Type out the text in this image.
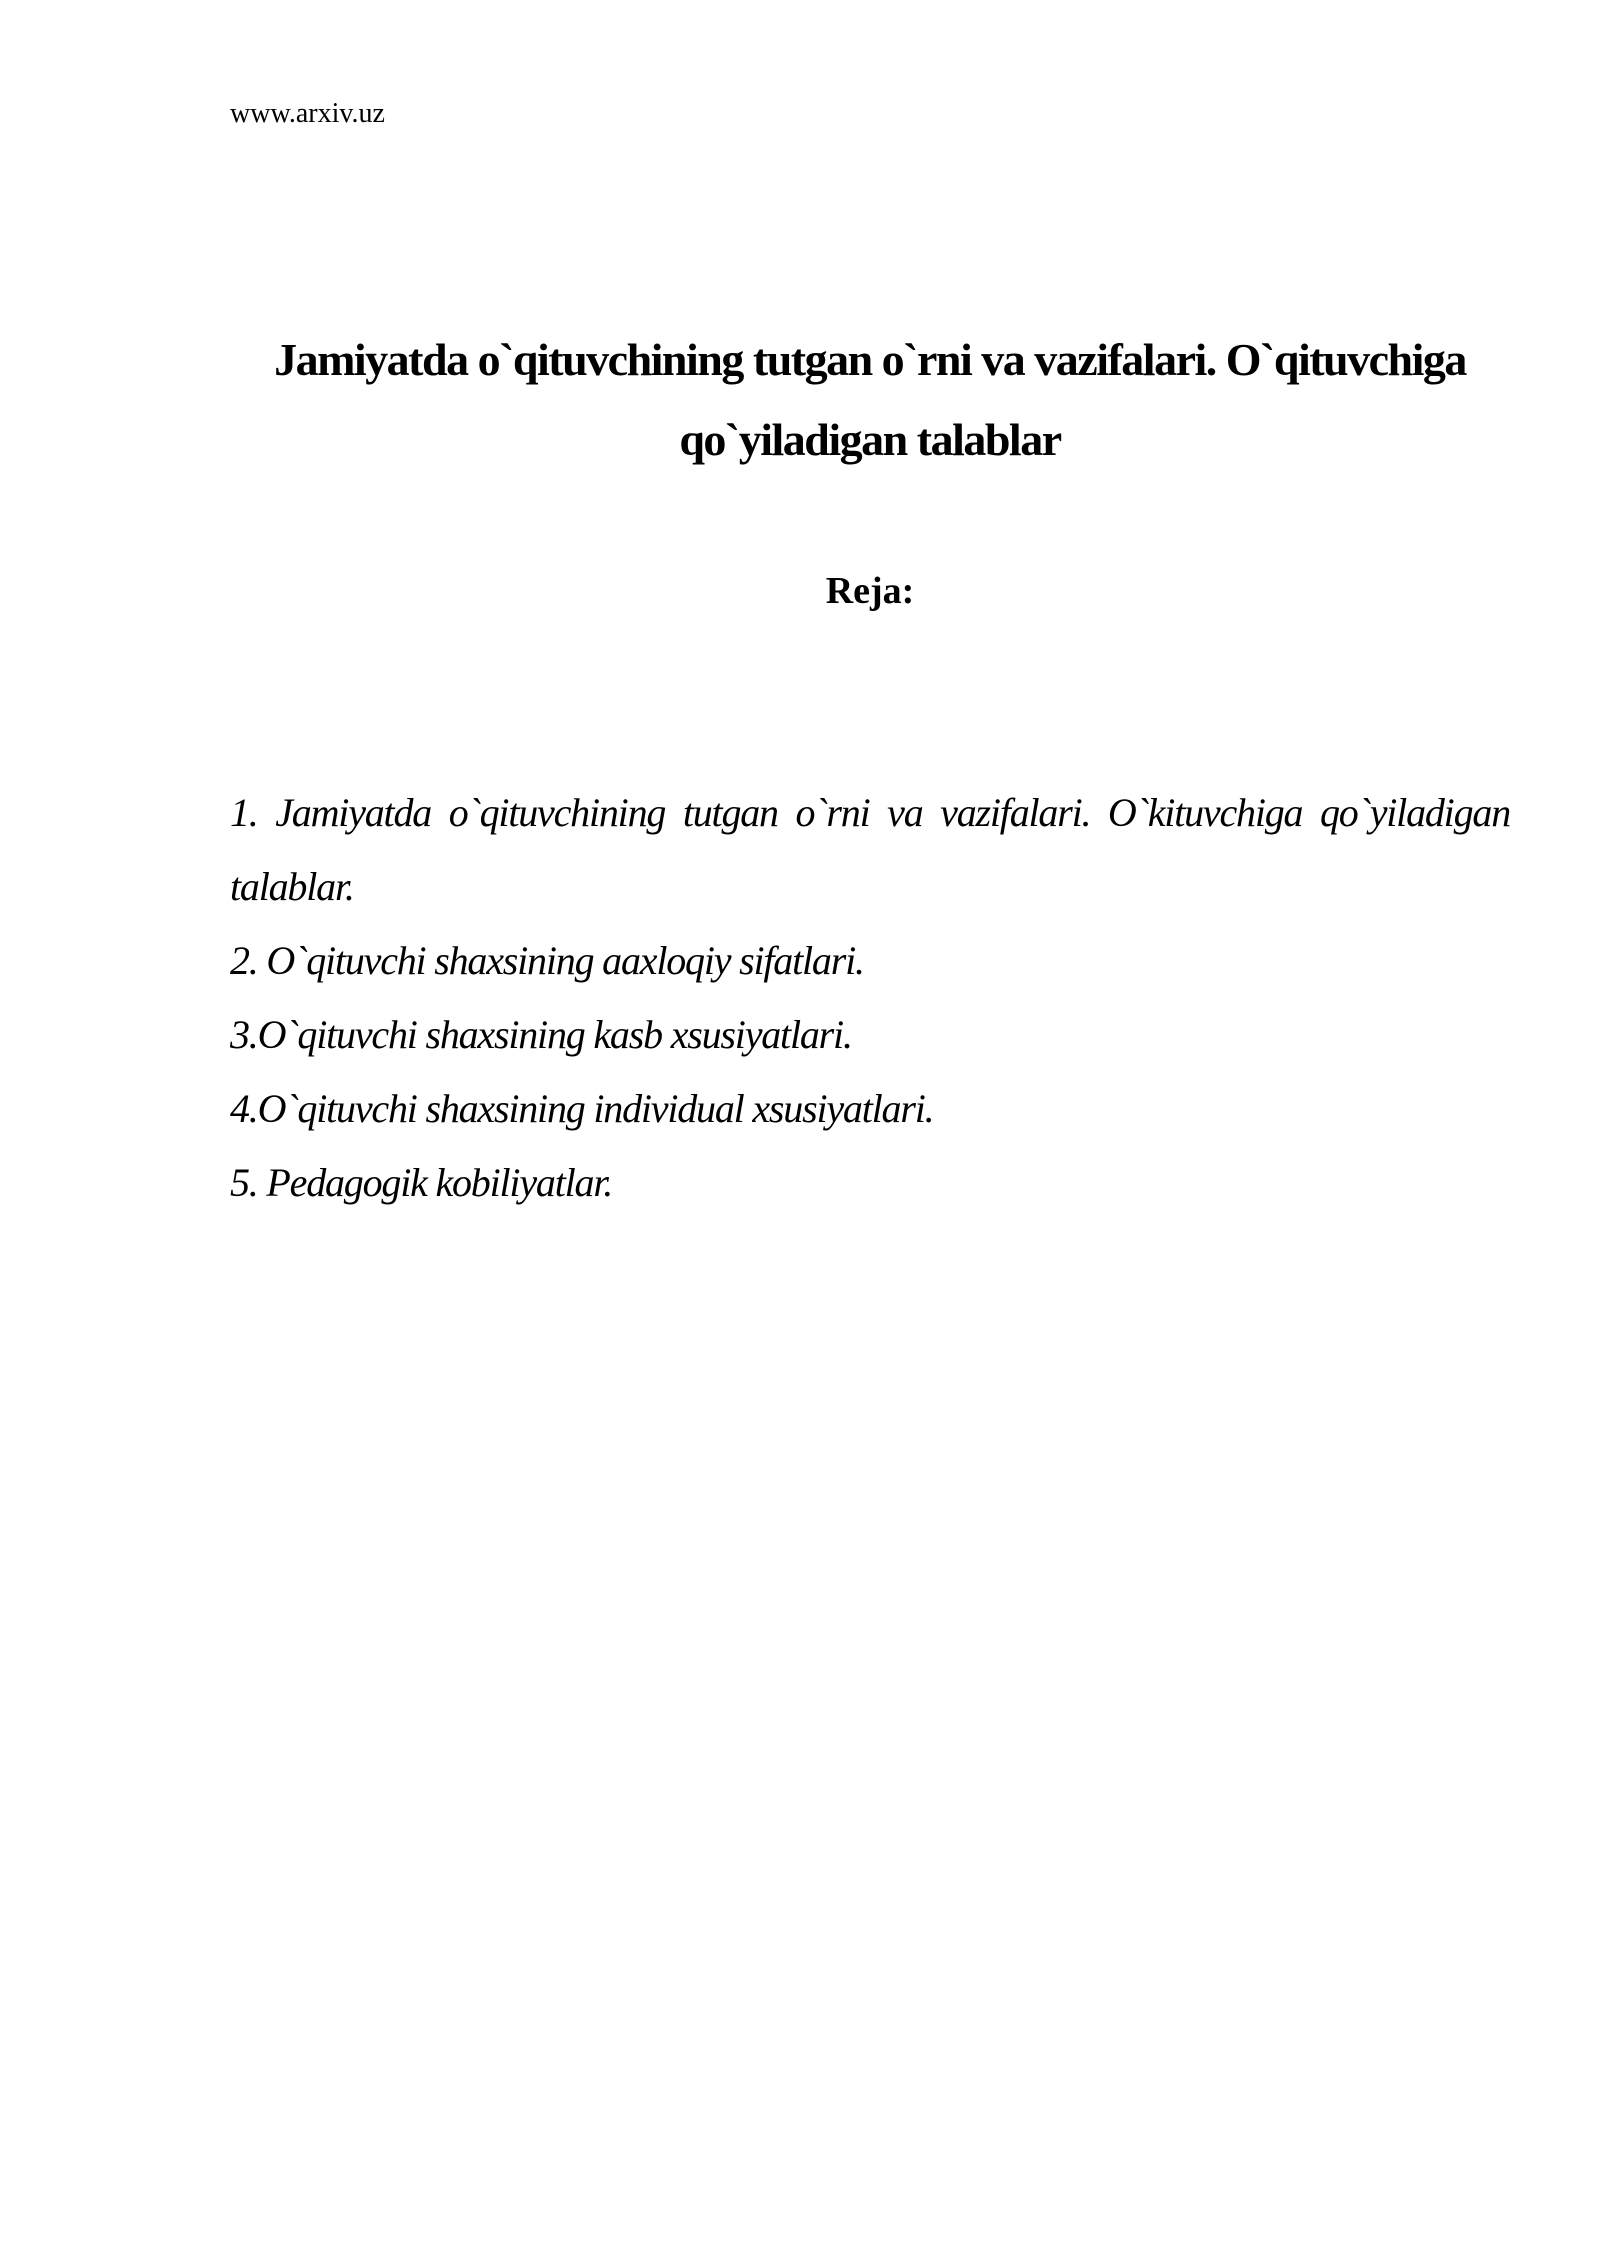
www.arxiv.uz
Jamiyatda o`qituvchining tutgan o`rni va vazifalari. O`qituvchiga
qo`yiladigan talablar
Reja:
1. Jamiyatda o`qituvchining tutgan o`rni va vazifalari. O`kituvchiga qo`yiladigan talablar.
2. O`qituvchi shaxsining aaxloqiy sifatlari.
3.O`qituvchi shaxsining kasb xsusiyatlari.
4.O`qituvchi shaxsining individual xsusiyatlari.
5. Pedagogik kobiliyatlar.
